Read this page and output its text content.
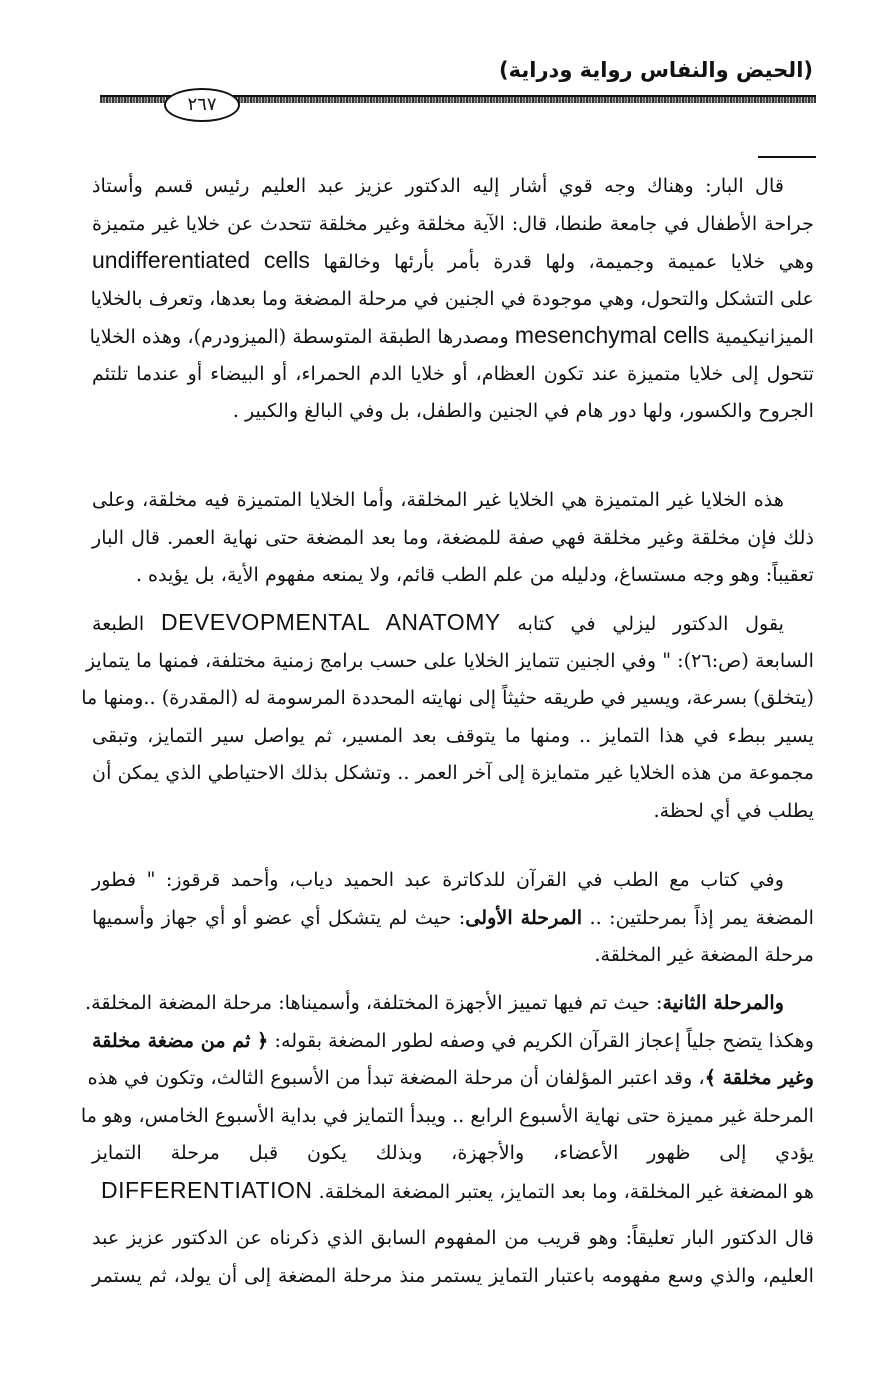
(الحيض والنفاس رواية ودراية)
٢٦٧
قال البار: وهناك وجه قوي أشار إليه الدكتور عزيز عبد العليم رئيس قسم وأستاذ
جراحة الأطفال في جامعة طنطا، قال: الآية مخلقة وغير مخلقة تتحدث عن خلايا غير متميزة
وهي خلايا عميمة وجميمة، ولها قدرة بأمر بأرئها وخالقها undifferentiated cells
على التشكل والتحول، وهي موجودة في الجنين في مرحلة المضغة وما بعدها، وتعرف بالخلايا
الميزانيكيمية mesenchymal cells ومصدرها الطبقة المتوسطة (الميزودرم)، وهذه الخلايا
تتحول إلى خلايا متميزة عند تكون العظام، أو خلايا الدم الحمراء، أو البيضاء أو عندما تلتئم
الجروح والكسور، ولها دور هام في الجنين والطفل، بل وفي البالغ والكبير .
هذه الخلايا غير المتميزة هي الخلايا غير المخلقة، وأما الخلايا المتميزة فيه مخلقة، وعلى
ذلك فإن مخلقة وغير مخلقة فهي صفة للمضغة، وما بعد المضغة حتى نهاية العمر. قال البار
تعقيباً: وهو وجه مستساغ، ودليله من علم الطب قائم، ولا يمنعه مفهوم الأية، بل يؤيده .
يقول الدكتور ليزلي في كتابه DEVEVOPMENTAL ANATOMY الطبعة
السابعة (ص:٢٦): " وفي الجنين تتمايز الخلايا على حسب برامج زمنية مختلفة، فمنها ما يتمايز
(يتخلق) بسرعة، ويسير في طريقه حثيثاً إلى نهايته المحددة المرسومة له (المقدرة) ..ومنها ما
يسير ببطء في هذا التمايز .. ومنها ما يتوقف بعد المسير، ثم يواصل سير التمايز، وتبقى
مجموعة من هذه الخلايا غير متمايزة إلى آخر العمر .. وتشكل بذلك الاحتياطي الذي يمكن أن
يطلب في أي لحظة.
وفي كتاب مع الطب في القرآن للدكاترة عبد الحميد دياب، وأحمد قرقوز: " فطور
المضغة يمر إذاً بمرحلتين: .. المرحلة الأولى: حيث لم يتشكل أي عضو أو أي جهاز وأسميها
مرحلة المضغة غير المخلقة.
والمرحلة الثانية: حيث تم فيها تمييز الأجهزة المختلفة، وأسميناها: مرحلة المضغة المخلقة.
وهكذا يتضح جلياً إعجاز القرآن الكريم في وصفه لطور المضغة بقوله: ﴿ ثم من مضغة مخلقة
وغير مخلقة ﴾، وقد اعتبر المؤلفان أن مرحلة المضغة تبدأ من الأسبوع الثالث، وتكون في هذه
المرحلة غير مميزة حتى نهاية الأسبوع الرابع .. ويبدأ التمايز في بداية الأسبوع الخامس، وهو ما
يؤدي إلى ظهور الأعضاء، والأجهزة، وبذلك يكون قبل مرحلة التمايز
هو المضغة غير المخلقة، وما بعد التمايز، يعتبر المضغة المخلقة. DIFFERENTIATION
قال الدكتور البار تعليقاً: وهو قريب من المفهوم السابق الذي ذكرناه عن الدكتور عزيز عبد
العليم، والذي وسع مفهومه باعتبار التمايز يستمر منذ مرحلة المضغة إلى أن يولد، ثم يستمر
